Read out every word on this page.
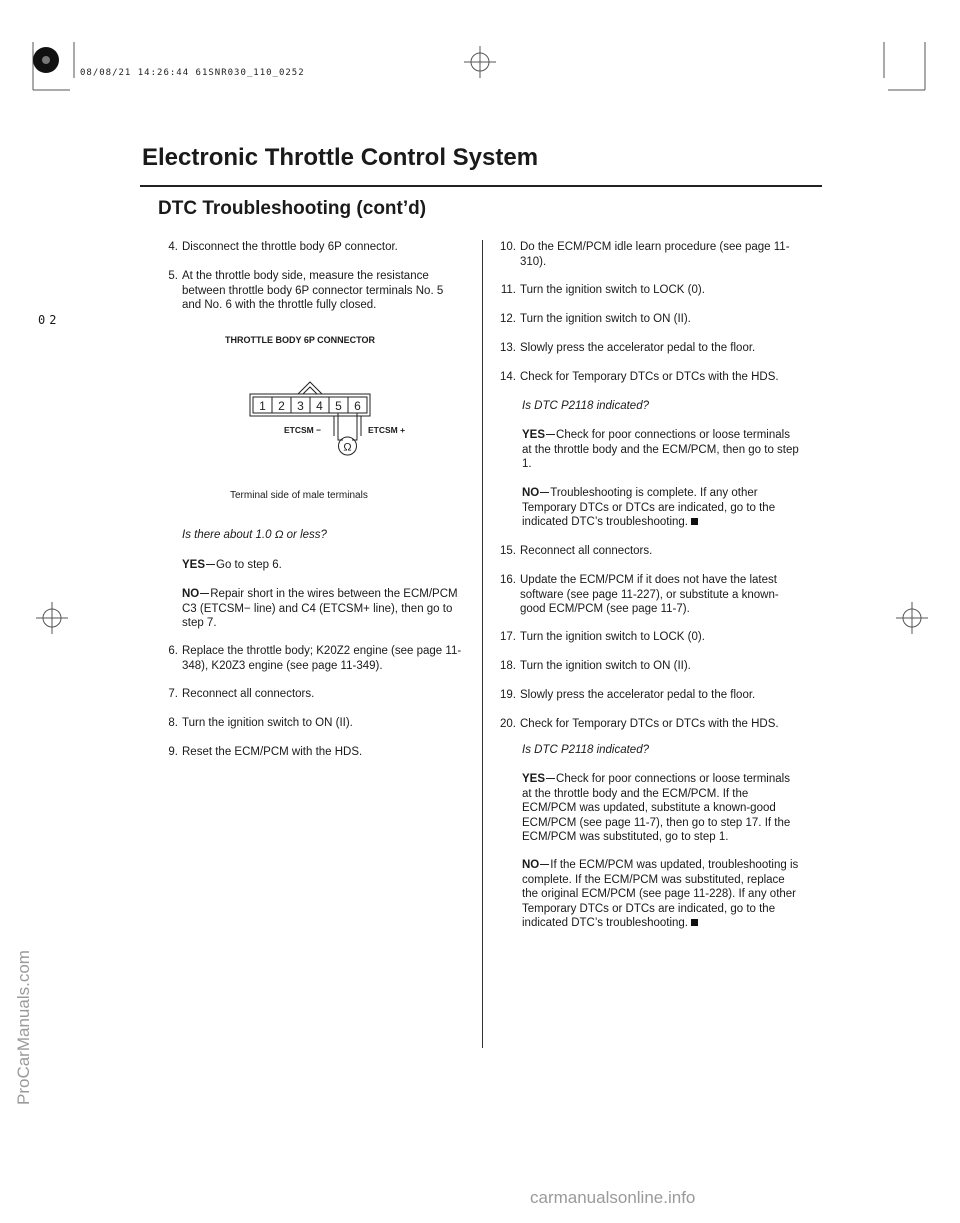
08/08/21 14:26:44 61SNR030_110_0252
Electronic Throttle Control System
DTC Troubleshooting (cont’d)
02
ProCarManuals.com
carmanualsonline.info
4. Disconnect the throttle body 6P connector.
5. At the throttle body side, measure the resistance between throttle body 6P connector terminals No. 5 and No. 6 with the throttle fully closed.
THROTTLE BODY 6P CONNECTOR
1 2 3 4 5 6
Ω
ETCSM −	ETCSM +
Terminal side of male terminals
Is there about 1.0 Ω or less?
YES Go to step 6.
NO Repair short in the wires between the ECM/PCM C3 (ETCSM− line) and C4 (ETCSM+ line), then go to step 7.
6. Replace the throttle body; K20Z2 engine (see page 11-348), K20Z3 engine (see page 11-349).
7. Reconnect all connectors.
8. Turn the ignition switch to ON (II).
9. Reset the ECM/PCM with the HDS.
10. Do the ECM/PCM idle learn procedure (see page 11-310).
11. Turn the ignition switch to LOCK (0).
12. Turn the ignition switch to ON (II).
13. Slowly press the accelerator pedal to the floor.
14. Check for Temporary DTCs or DTCs with the HDS.
Is DTC P2118 indicated?
YES Check for poor connections or loose terminals at the throttle body and the ECM/PCM, then go to step 1.
NO Troubleshooting is complete. If any other Temporary DTCs or DTCs are indicated, go to the indicated DTC’s troubleshooting.
15. Reconnect all connectors.
16. Update the ECM/PCM if it does not have the latest software (see page 11-227), or substitute a known-good ECM/PCM (see page 11-7).
17. Turn the ignition switch to LOCK (0).
18. Turn the ignition switch to ON (II).
19. Slowly press the accelerator pedal to the floor.
20. Check for Temporary DTCs or DTCs with the HDS.
Is DTC P2118 indicated?
YES Check for poor connections or loose terminals at the throttle body and the ECM/PCM. If the ECM/PCM was updated, substitute a known-good ECM/PCM (see page 11-7), then go to step 17. If the ECM/PCM was substituted, go to step 1.
NO If the ECM/PCM was updated, troubleshooting is complete. If the ECM/PCM was substituted, replace the original ECM/PCM (see page 11-228). If any other Temporary DTCs or DTCs are indicated, go to the indicated DTC’s troubleshooting.
